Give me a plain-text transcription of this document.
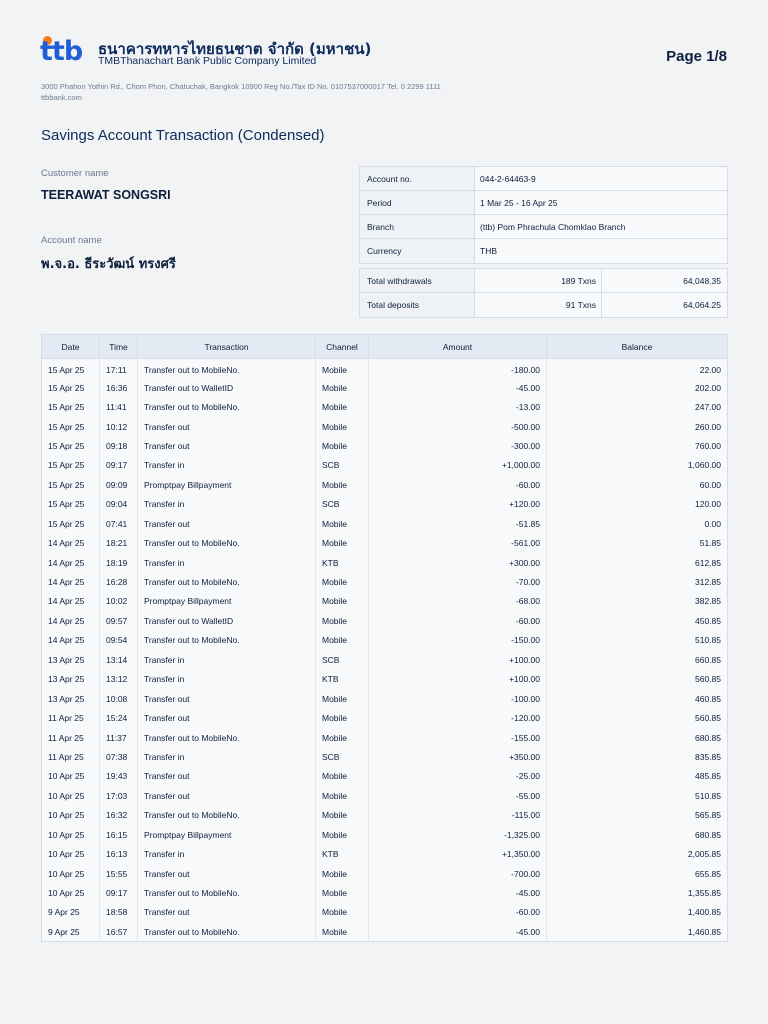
ttb ธนาคารทหารไทยธนชาต จำกัด (มหาชน)
TMBThanachart Bank Public Company Limited
3000 Phahon Yothin Rd., Chom Phon, Chatuchak, Bangkok 10900 Reg No./Tax ID No. 0107537000017 Tel. 0 2299 1111
ttbbank.com
Page 1/8
Savings Account Transaction (Condensed)
Customer name
TEERAWAT SONGSRI
Account name
พ.จ.อ. ธีระวัฒน์ ทรงศรี
Account no.	044-2-64463-9
Period	1 Mar 25 - 16 Apr 25
Branch	(ttb) Pom Phrachula Chomklao Branch
Currency	THB
Total withdrawals	189 Txns	64,048.35
Total deposits	91 Txns	64,064.25
Date	Time	Transaction	Channel	Amount	Balance
15 Apr 25	17:11	Transfer out to MobileNo.	Mobile	-180.00	22.00
15 Apr 25	16:36	Transfer out to WalletID	Mobile	-45.00	202.00
15 Apr 25	11:41	Transfer out to MobileNo.	Mobile	-13.00	247.00
15 Apr 25	10:12	Transfer out	Mobile	-500.00	260.00
15 Apr 25	09:18	Transfer out	Mobile	-300.00	760.00
15 Apr 25	09:17	Transfer in	SCB	+1,000.00	1,060.00
15 Apr 25	09:09	Promptpay Billpayment	Mobile	-60.00	60.00
15 Apr 25	09:04	Transfer in	SCB	+120.00	120.00
15 Apr 25	07:41	Transfer out	Mobile	-51.85	0.00
14 Apr 25	18:21	Transfer out to MobileNo.	Mobile	-561.00	51.85
14 Apr 25	18:19	Transfer in	KTB	+300.00	612.85
14 Apr 25	16:28	Transfer out to MobileNo.	Mobile	-70.00	312.85
14 Apr 25	10:02	Promptpay Billpayment	Mobile	-68.00	382.85
14 Apr 25	09:57	Transfer out to WalletID	Mobile	-60.00	450.85
14 Apr 25	09:54	Transfer out to MobileNo.	Mobile	-150.00	510.85
13 Apr 25	13:14	Transfer in	SCB	+100.00	660.85
13 Apr 25	13:12	Transfer in	KTB	+100.00	560.85
13 Apr 25	10:08	Transfer out	Mobile	-100.00	460.85
11 Apr 25	15:24	Transfer out	Mobile	-120.00	560.85
11 Apr 25	11:37	Transfer out to MobileNo.	Mobile	-155.00	680.85
11 Apr 25	07:38	Transfer in	SCB	+350.00	835.85
10 Apr 25	19:43	Transfer out	Mobile	-25.00	485.85
10 Apr 25	17:03	Transfer out	Mobile	-55.00	510.85
10 Apr 25	16:32	Transfer out to MobileNo.	Mobile	-115.00	565.85
10 Apr 25	16:15	Promptpay Billpayment	Mobile	-1,325.00	680.85
10 Apr 25	16:13	Transfer in	KTB	+1,350.00	2,005.85
10 Apr 25	15:55	Transfer out	Mobile	-700.00	655.85
10 Apr 25	09:17	Transfer out to MobileNo.	Mobile	-45.00	1,355.85
9 Apr 25	18:58	Transfer out	Mobile	-60.00	1,400.85
9 Apr 25	16:57	Transfer out to MobileNo.	Mobile	-45.00	1,460.85
